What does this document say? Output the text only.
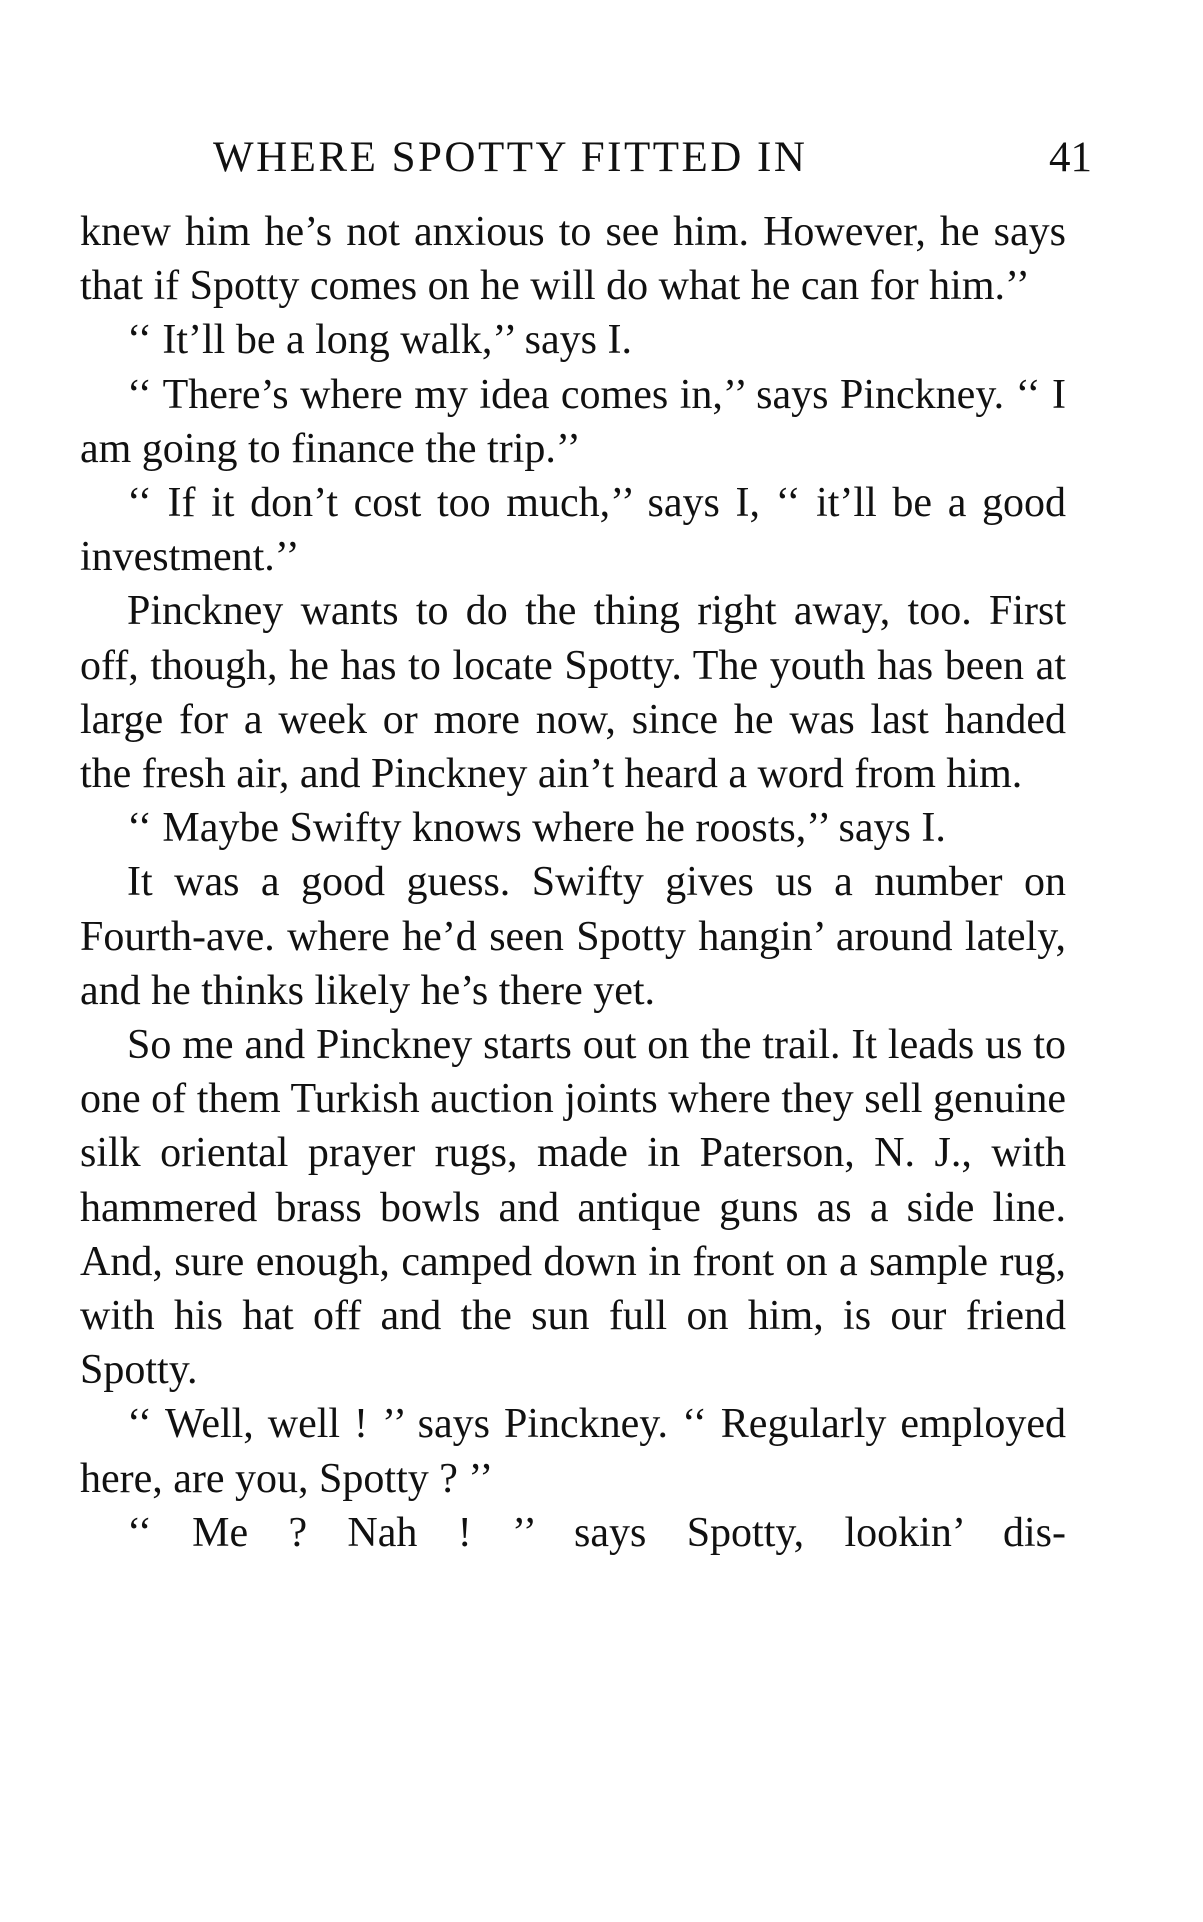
WHERE SPOTTY FITTED IN	41

knew him he’s not anxious to see him. However, he says that if Spotty comes on he will do what he can for him.’’

‘‘ It’ll be a long walk,’’ says I.

‘‘ There’s where my idea comes in,’’ says Pinckney. ‘‘ I am going to finance the trip.’’

‘‘ If it don’t cost too much,’’ says I, ‘‘ it’ll be a good investment.’’

Pinckney wants to do the thing right away, too. First off, though, he has to locate Spotty. The youth has been at large for a week or more now, since he was last handed the fresh air, and Pinckney ain’t heard a word from him.

‘‘ Maybe Swifty knows where he roosts,’’ says I.

It was a good guess. Swifty gives us a number on Fourth-ave. where he’d seen Spotty hangin’ around lately, and he thinks likely he’s there yet.

So me and Pinckney starts out on the trail. It leads us to one of them Turkish auction joints where they sell genuine silk oriental prayer rugs, made in Paterson, N. J., with hammered brass bowls and antique guns as a side line. And, sure enough, camped down in front on a sample rug, with his hat off and the sun full on him, is our friend Spotty.

‘‘ Well, well ! ’’ says Pinckney. ‘‘ Regularly employed here, are you, Spotty ? ’’

‘‘ Me ? Nah ! ’’ says Spotty, lookin’ dis-
